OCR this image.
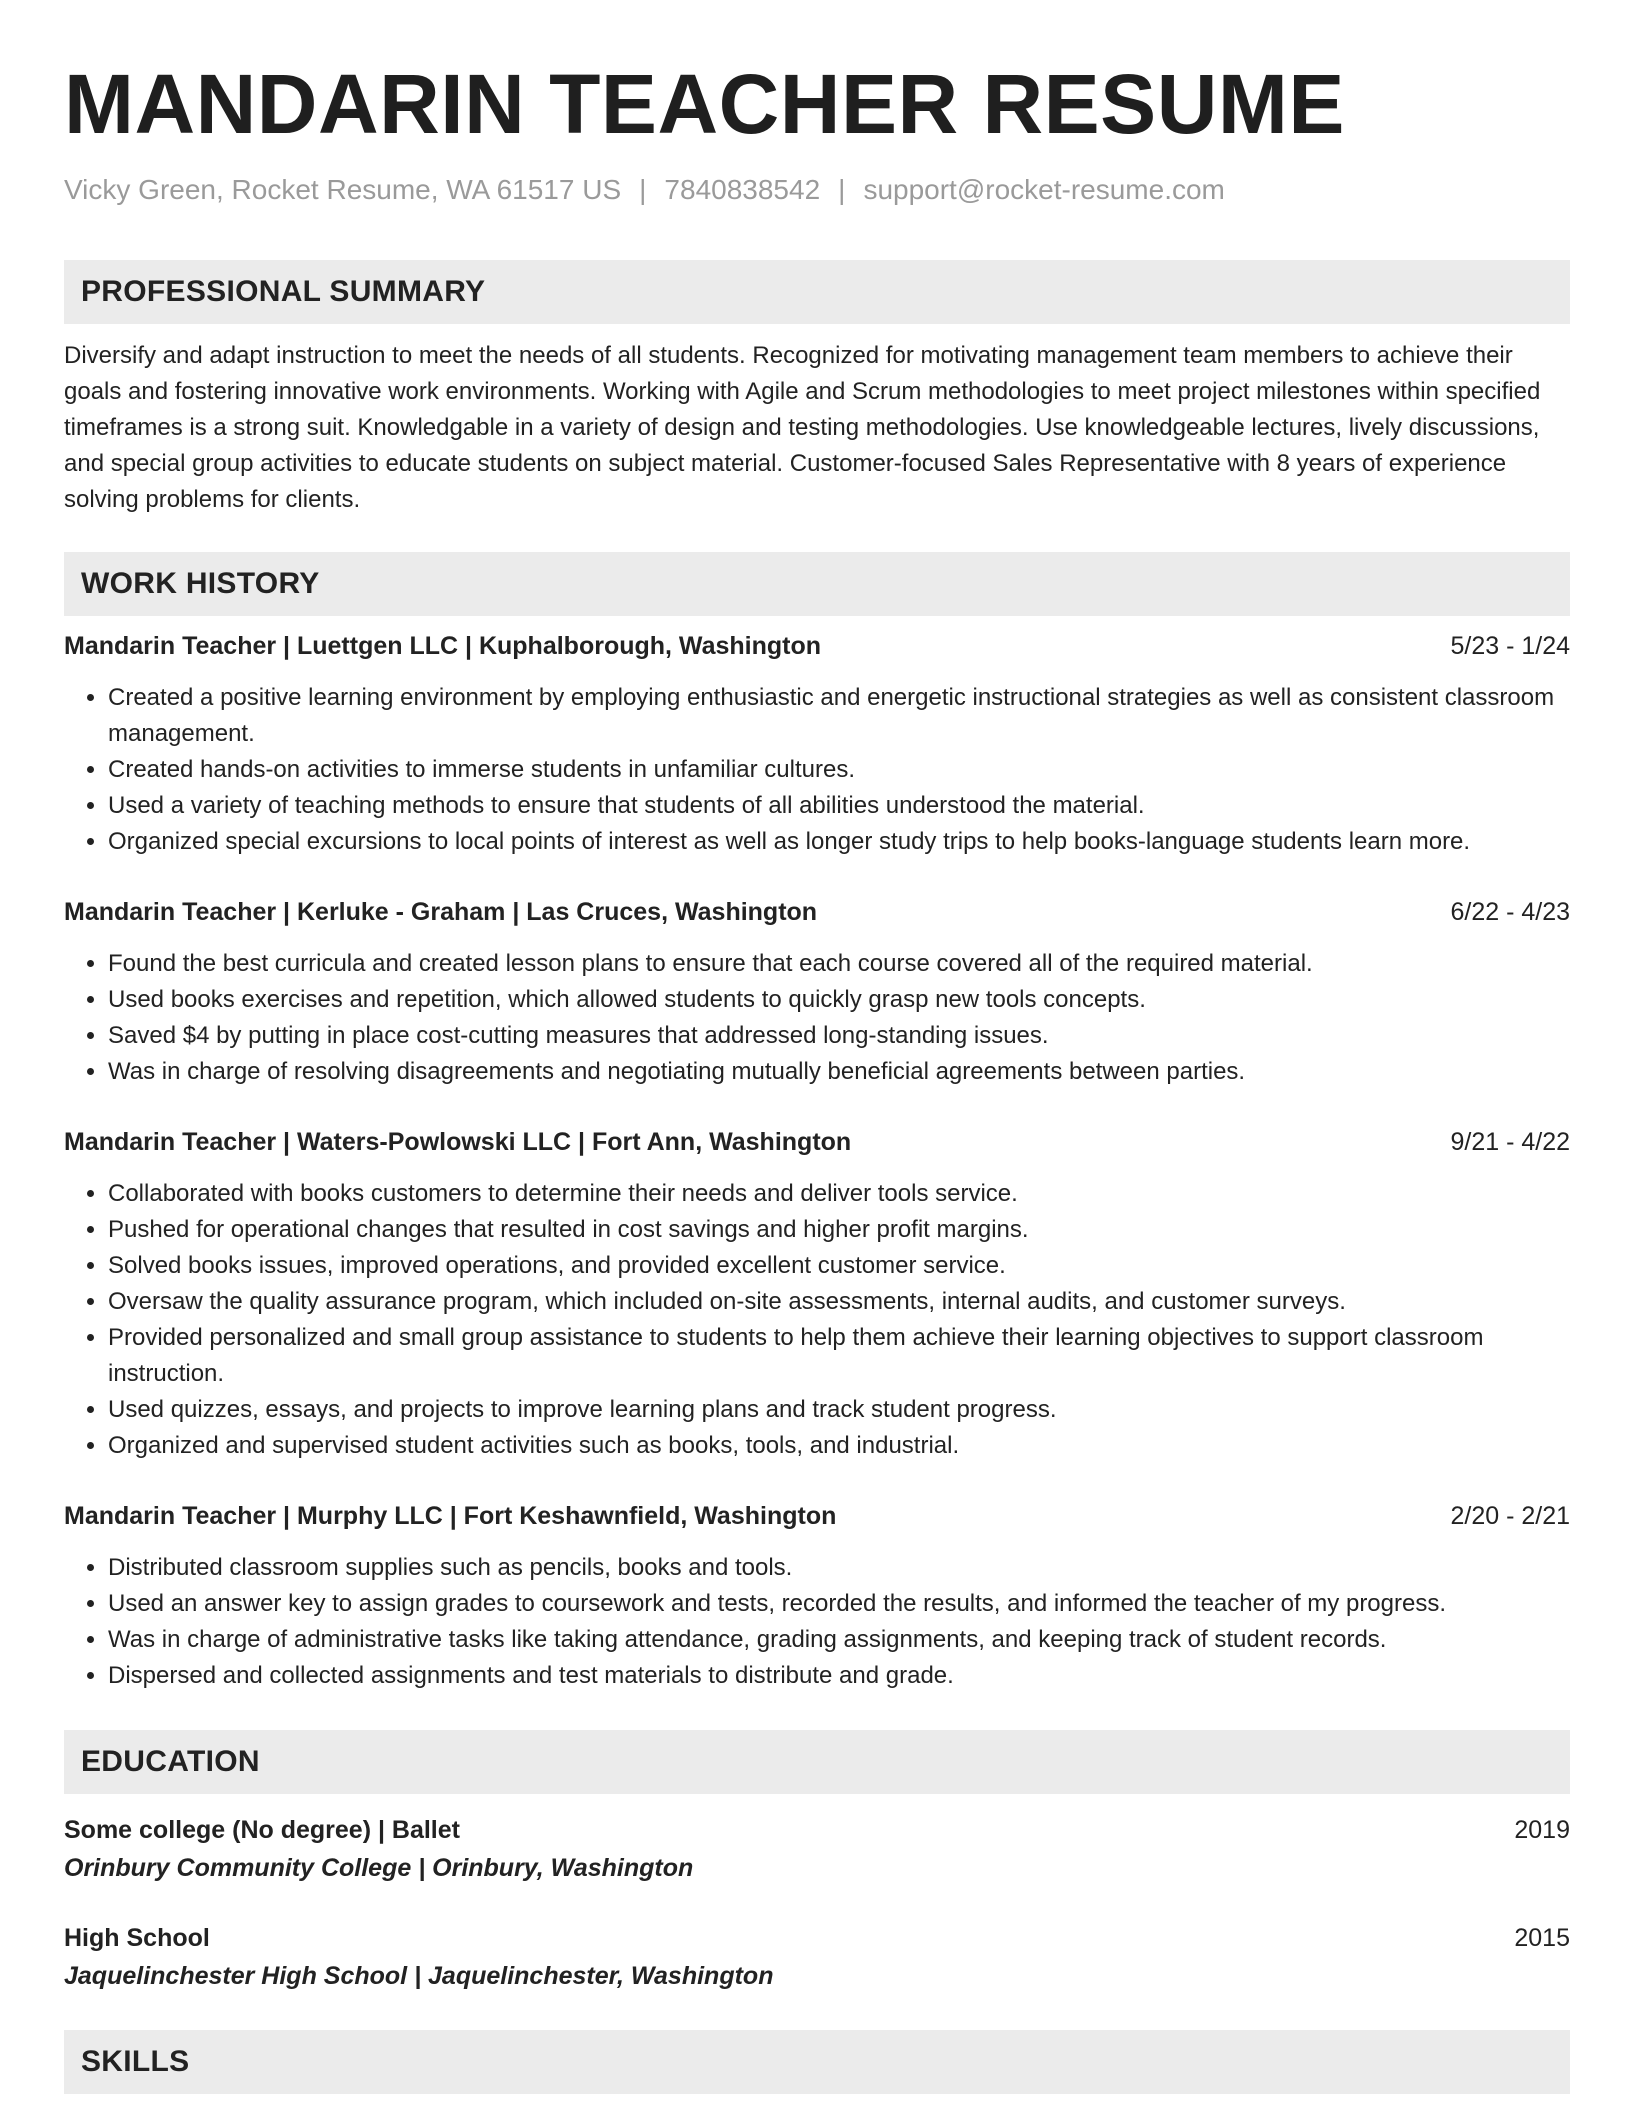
MANDARIN TEACHER RESUME
Vicky Green, Rocket Resume, WA 61517 US | 7840838542 | support@rocket-resume.com
PROFESSIONAL SUMMARY
Diversify and adapt instruction to meet the needs of all students. Recognized for motivating management team members to achieve their goals and fostering innovative work environments. Working with Agile and Scrum methodologies to meet project milestones within specified timeframes is a strong suit. Knowledgable in a variety of design and testing methodologies. Use knowledgeable lectures, lively discussions, and special group activities to educate students on subject material. Customer-focused Sales Representative with 8 years of experience solving problems for clients.
WORK HISTORY
Mandarin Teacher | Luettgen LLC | Kuphalborough, Washington	5/23 - 1/24
• Created a positive learning environment by employing enthusiastic and energetic instructional strategies as well as consistent classroom management.
• Created hands-on activities to immerse students in unfamiliar cultures.
• Used a variety of teaching methods to ensure that students of all abilities understood the material.
• Organized special excursions to local points of interest as well as longer study trips to help books-language students learn more.
Mandarin Teacher | Kerluke - Graham | Las Cruces, Washington	6/22 - 4/23
• Found the best curricula and created lesson plans to ensure that each course covered all of the required material.
• Used books exercises and repetition, which allowed students to quickly grasp new tools concepts.
• Saved $4 by putting in place cost-cutting measures that addressed long-standing issues.
• Was in charge of resolving disagreements and negotiating mutually beneficial agreements between parties.
Mandarin Teacher | Waters-Powlowski LLC | Fort Ann, Washington	9/21 - 4/22
• Collaborated with books customers to determine their needs and deliver tools service.
• Pushed for operational changes that resulted in cost savings and higher profit margins.
• Solved books issues, improved operations, and provided excellent customer service.
• Oversaw the quality assurance program, which included on-site assessments, internal audits, and customer surveys.
• Provided personalized and small group assistance to students to help them achieve their learning objectives to support classroom instruction.
• Used quizzes, essays, and projects to improve learning plans and track student progress.
• Organized and supervised student activities such as books, tools, and industrial.
Mandarin Teacher | Murphy LLC | Fort Keshawnfield, Washington	2/20 - 2/21
• Distributed classroom supplies such as pencils, books and tools.
• Used an answer key to assign grades to coursework and tests, recorded the results, and informed the teacher of my progress.
• Was in charge of administrative tasks like taking attendance, grading assignments, and keeping track of student records.
• Dispersed and collected assignments and test materials to distribute and grade.
EDUCATION
Some college (No degree) | Ballet	2019
Orinbury Community College | Orinbury, Washington
High School	2015
Jaquelinchester High School | Jaquelinchester, Washington
SKILLS
